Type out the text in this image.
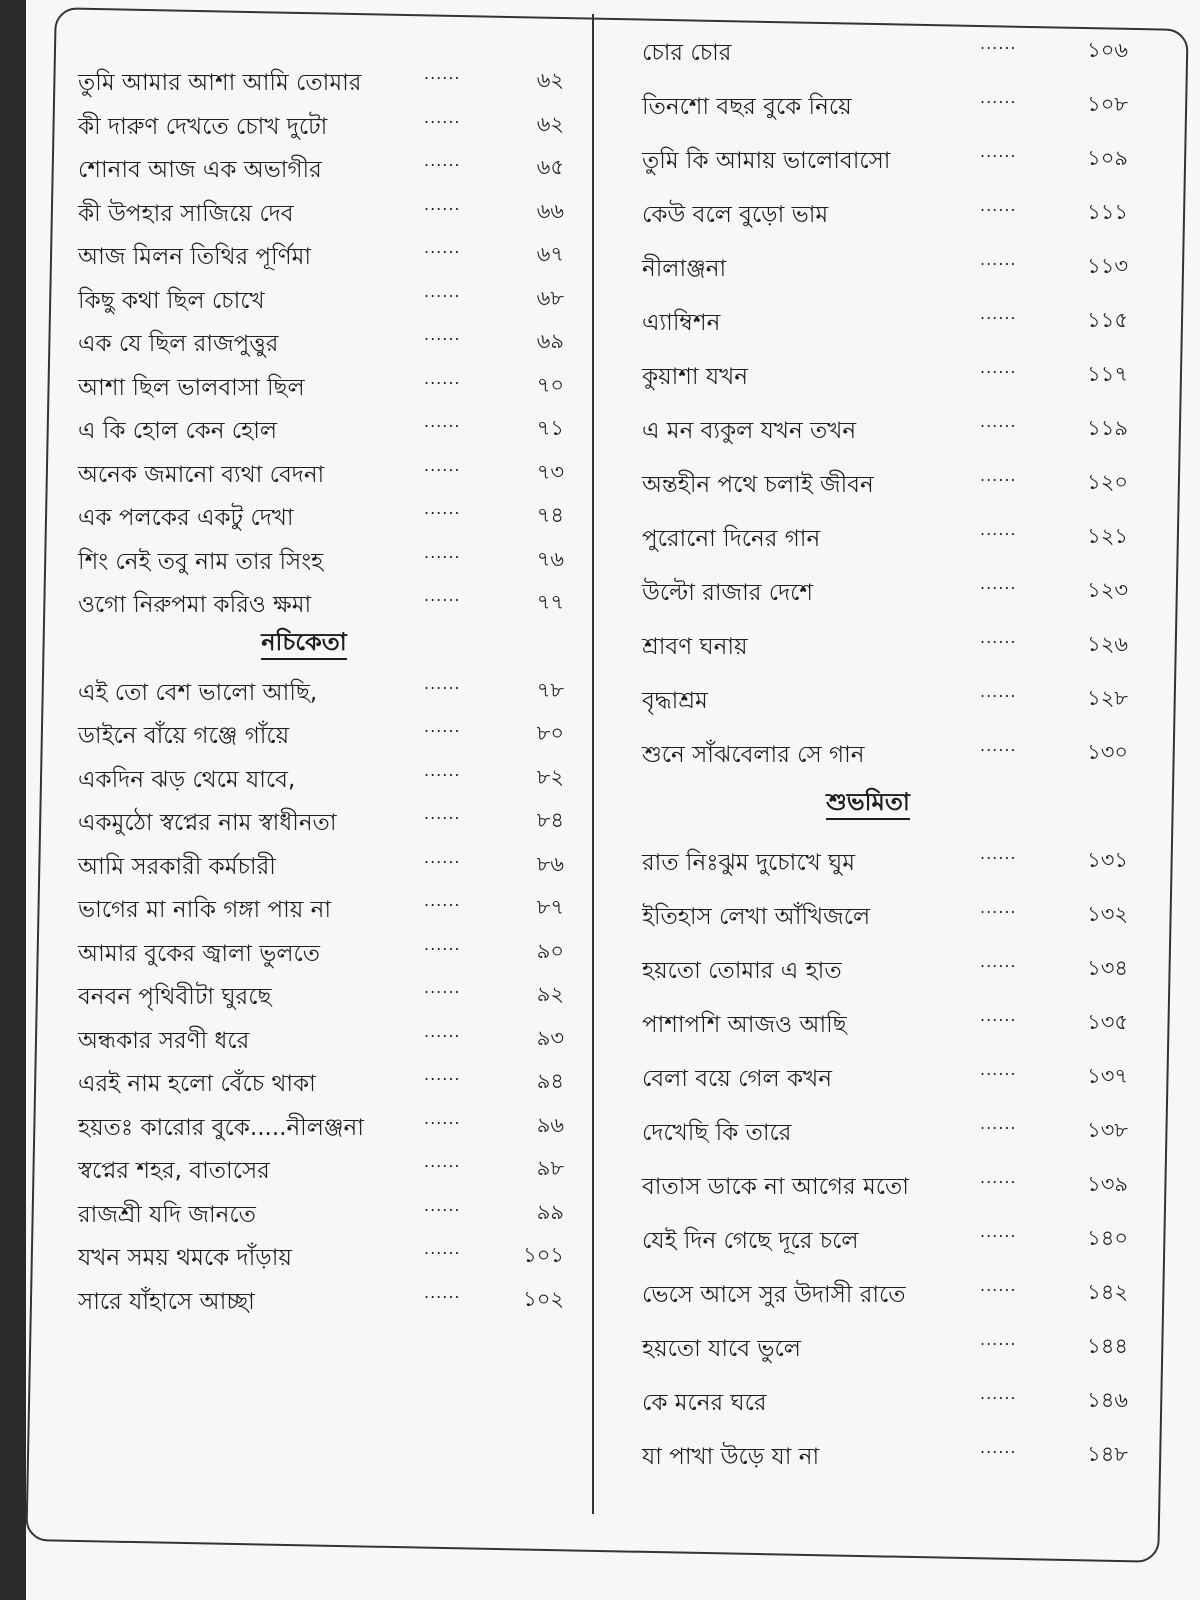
তুমি আমার আশা আমি তোমার	......	৬২
কী দারুণ দেখতে চোখ দুটো	......	৬২
শোনাব আজ এক অভাগীর	......	৬৫
কী উপহার সাজিয়ে দেব	......	৬৬
আজ মিলন তিথির পূর্ণিমা	......	৬৭
কিছু কথা ছিল চোখে	......	৬৮
এক যে ছিল রাজপুত্তুর	......	৬৯
আশা ছিল ভালবাসা ছিল	......	৭০
এ কি হোল কেন হোল	......	৭১
অনেক জমানো ব্যথা বেদনা	......	৭৩
এক পলকের একটু দেখা	......	৭৪
শিং নেই তবু নাম তার সিংহ	......	৭৬
ওগো নিরুপমা করিও ক্ষমা	......	৭৭
নচিকেতা
এই তো বেশ ভালো আছি,	......	৭৮
ডাইনে বাঁয়ে গঞ্জে গাঁয়ে	......	৮০
একদিন ঝড় থেমে যাবে,	......	৮২
একমুঠো স্বপ্নের নাম স্বাধীনতা	......	৮৪
আমি সরকারী কর্মচারী	......	৮৬
ভাগের মা নাকি গঙ্গা পায় না	......	৮৭
আমার বুকের জ্বালা ভুলতে	......	৯০
বনবন পৃথিবীটা ঘুরছে	......	৯২
অন্ধকার সরণী ধরে	......	৯৩
এরই নাম হলো বেঁচে থাকা	......	৯৪
হয়তঃ কারোর বুকে.....নীলঞ্জনা	......	৯৬
স্বপ্নের শহর, বাতাসের	......	৯৮
রাজশ্রী যদি জানতে	......	৯৯
যখন সময় থমকে দাঁড়ায়	......	১০১
সারে যাঁহাসে আচ্ছা	......	১০২
চোর চোর	......	১০৬
তিনশো বছর বুকে নিয়ে	......	১০৮
তুমি কি আমায় ভালোবাসো	......	১০৯
কেউ বলে বুড়ো ভাম	......	১১১
নীলাঞ্জনা	......	১১৩
এ্যাম্বিশন	......	১১৫
কুয়াশা যখন	......	১১৭
এ মন ব্যকুল যখন তখন	......	১১৯
অন্তহীন পথে চলাই জীবন	......	১২০
পুরোনো দিনের গান	......	১২১
উল্টো রাজার দেশে	......	১২৩
শ্রাবণ ঘনায়	......	১২৬
বৃদ্ধাশ্রম	......	১২৮
শুনে সাঁঝবেলার সে গান	......	১৩০
শুভমিতা
রাত নিঃঝুম দুচোখে ঘুম	......	১৩১
ইতিহাস লেখা আঁখিজলে	......	১৩২
হয়তো তোমার এ হাত	......	১৩৪
পাশাপশি আজও আছি	......	১৩৫
বেলা বয়ে গেল কখন	......	১৩৭
দেখেছি কি তারে	......	১৩৮
বাতাস ডাকে না আগের মতো	......	১৩৯
যেই দিন গেছে দূরে চলে	......	১৪০
ভেসে আসে সুর উদাসী রাতে	......	১৪২
হয়তো যাবে ভুলে	......	১৪৪
কে মনের ঘরে	......	১৪৬
যা পাখা উড়ে যা না	......	১৪৮
